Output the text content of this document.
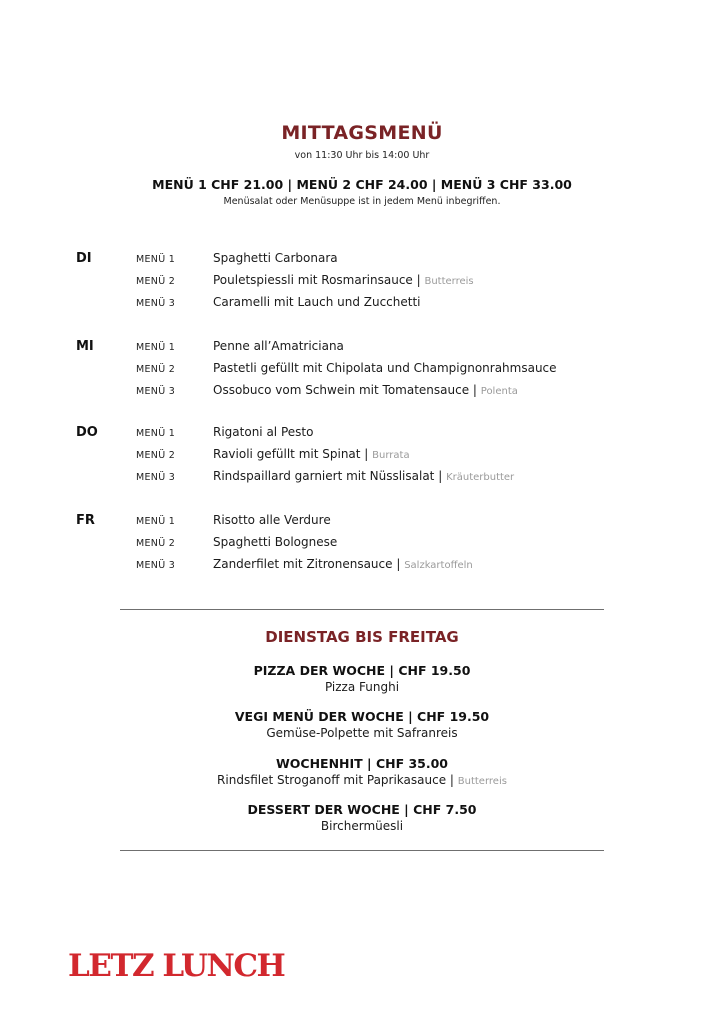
MITTAGSMENÜ
von 11:30 Uhr bis 14:00 Uhr
MENÜ 1 CHF 21.00 | MENÜ 2 CHF 24.00 | MENÜ 3 CHF 33.00
Menüsalat oder Menüsuppe ist in jedem Menü inbegriffen.
DI	MENÜ 1	Spaghetti Carbonara
MENÜ 2	Pouletspiessli mit Rosmarinsauce | Butterreis
MENÜ 3	Caramelli mit Lauch und Zucchetti
MI	MENÜ 1	Penne all’Amatriciana
MENÜ 2	Pastetli gefüllt mit Chipolata und Champignonrahmsauce
MENÜ 3	Ossobuco vom Schwein mit Tomatensauce | Polenta
DO	MENÜ 1	Rigatoni al Pesto
MENÜ 2	Ravioli gefüllt mit Spinat | Burrata
MENÜ 3	Rindspaillard garniert mit Nüsslisalat | Kräuterbutter
FR	MENÜ 1	Risotto alle Verdure
MENÜ 2	Spaghetti Bolognese
MENÜ 3	Zanderfilet mit Zitronensauce | Salzkartoffeln
DIENSTAG BIS FREITAG
PIZZA DER WOCHE | CHF 19.50
Pizza Funghi
VEGI MENÜ DER WOCHE | CHF 19.50
Gemüse-Polpette mit Safranreis
WOCHENHIT | CHF 35.00
Rindsfilet Stroganoff mit Paprikasauce | Butterreis
DESSERT DER WOCHE | CHF 7.50
Birchermüesli
LETZ LUNCH
